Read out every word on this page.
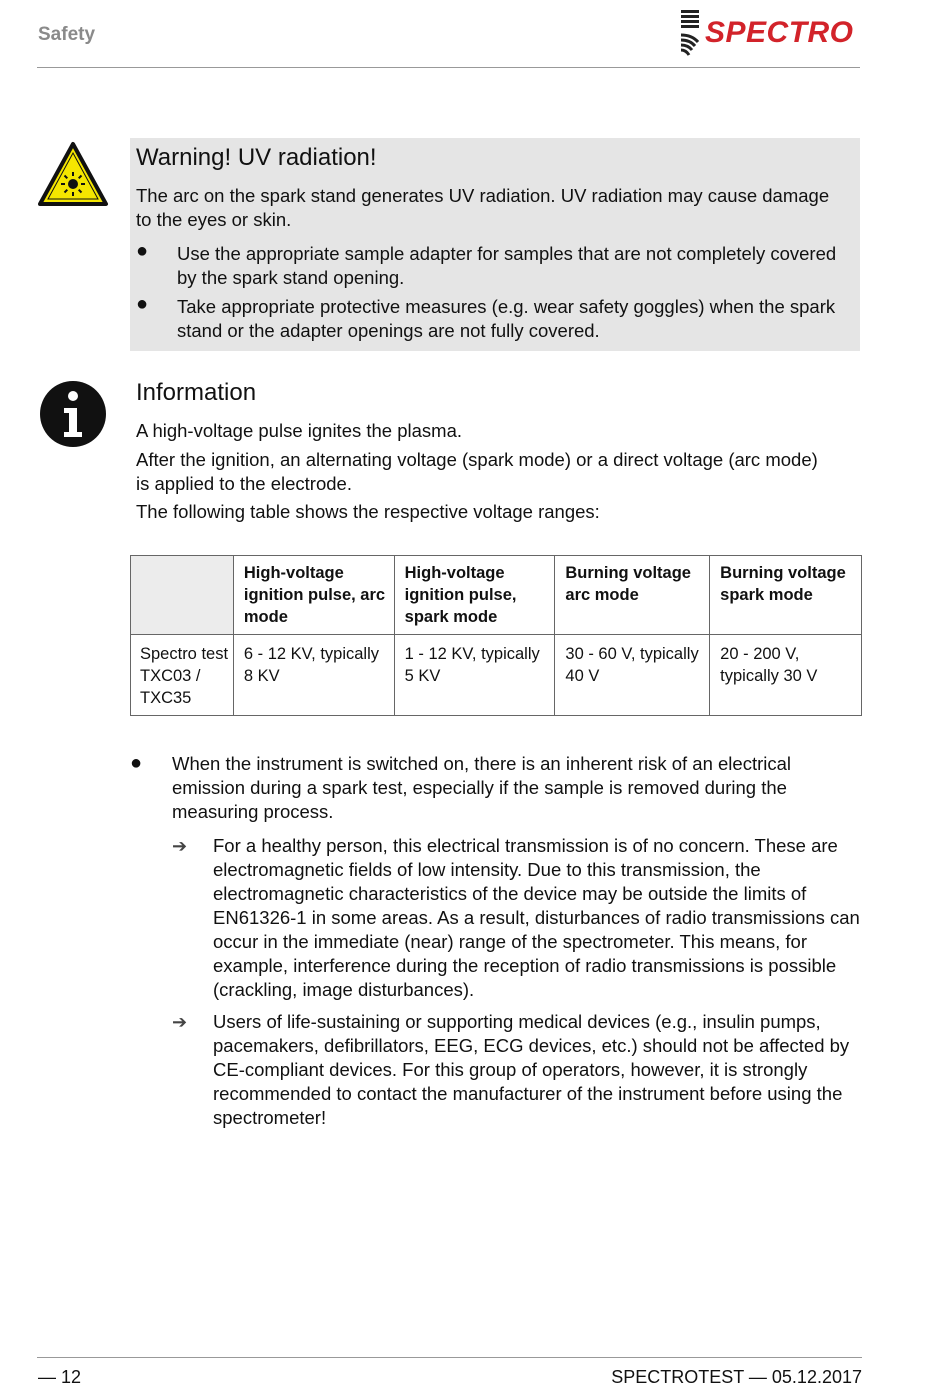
Safety	SPECTRO
Warning! UV radiation!
The arc on the spark stand generates UV radiation. UV radiation may cause damage to the eyes or skin.
● Use the appropriate sample adapter for samples that are not completely covered by the spark stand opening.
● Take appropriate protective measures (e.g. wear safety goggles) when the spark stand or the adapter openings are not fully covered.
Information
A high-voltage pulse ignites the plasma.
After the ignition, an alternating voltage (spark mode) or a direct voltage (arc mode) is applied to the electrode.
The following table shows the respective voltage ranges:
	High-voltage ignition pulse, arc mode	High-voltage ignition pulse, spark mode	Burning voltage arc mode	Burning voltage spark mode
Spectro test TXC03 / TXC35	6 - 12 KV, typically 8 KV	1 - 12 KV, typically 5 KV	30 - 60 V, typically 40 V	20 - 200 V, typically 30 V
● When the instrument is switched on, there is an inherent risk of an electrical emission during a spark test, especially if the sample is removed during the measuring process.
➔ For a healthy person, this electrical transmission is of no concern. These are electromagnetic fields of low intensity. Due to this transmission, the electromagnetic characteristics of the device may be outside the limits of EN61326-1 in some areas. As a result, disturbances of radio transmissions can occur in the immediate (near) range of the spectrometer. This means, for example, interference during the reception of radio transmissions is possible (crackling, image disturbances).
➔ Users of life-sustaining or supporting medical devices (e.g., insulin pumps, pacemakers, defibrillators, EEG, ECG devices, etc.) should not be affected by CE-compliant devices. For this group of operators, however, it is strongly recommended to contact the manufacturer of the instrument before using the spectrometer!
— 12	SPECTROTEST — 05.12.2017
